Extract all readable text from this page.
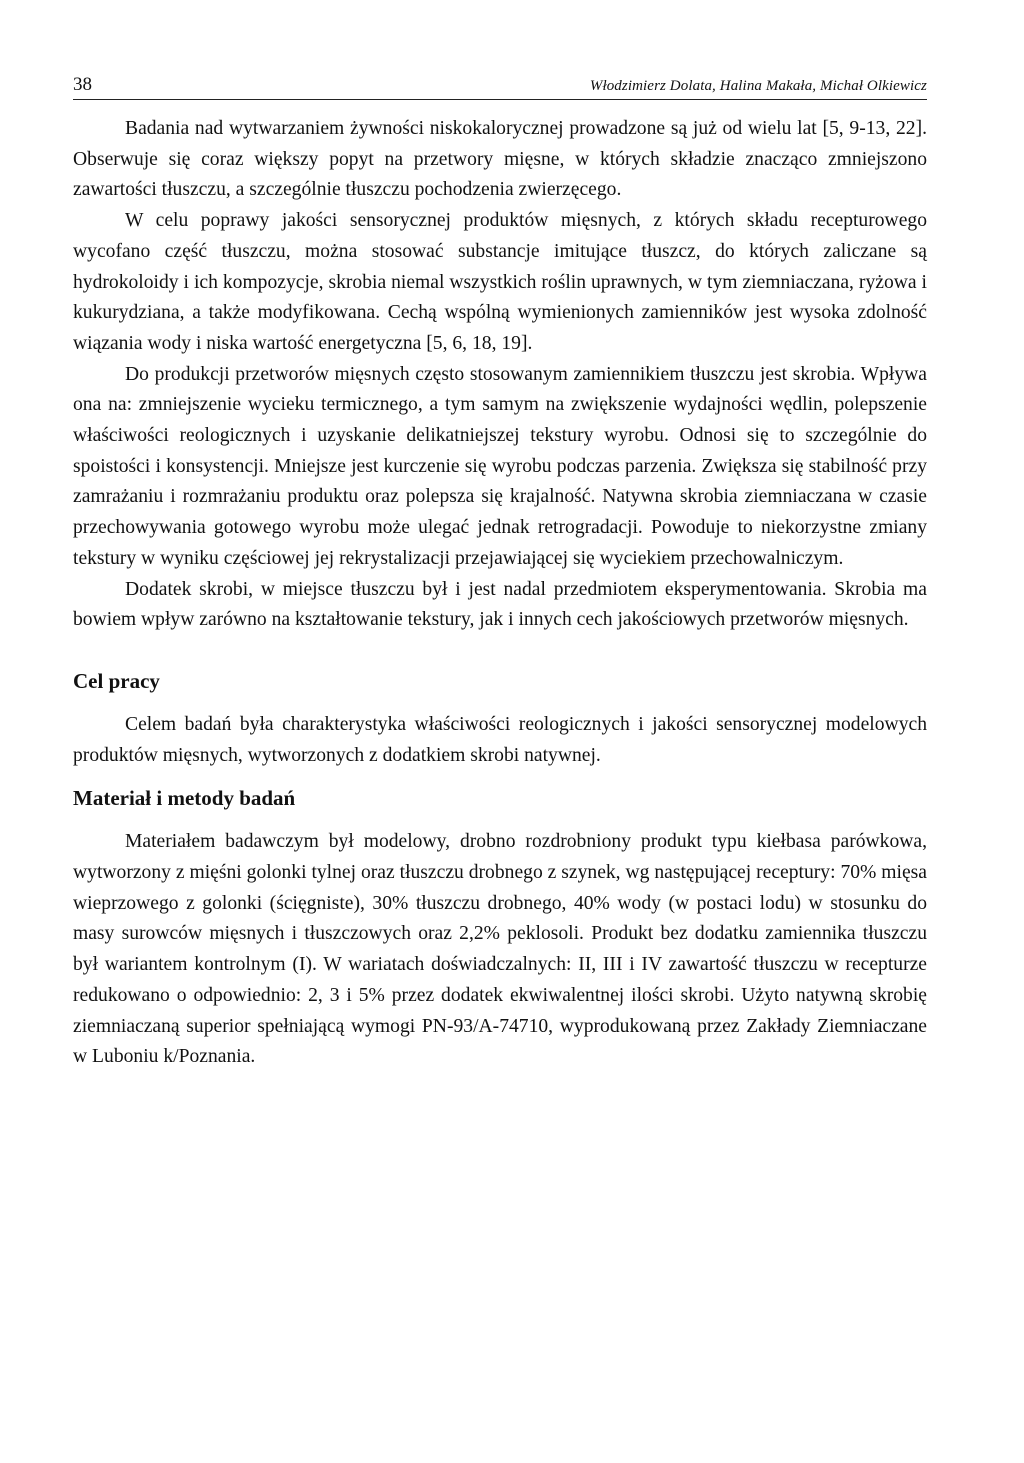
38	Włodzimierz Dolata, Halina Makała, Michał Olkiewicz

Badania nad wytwarzaniem żywności niskokalorycznej prowadzone są już od wielu lat [5, 9-13, 22]. Obserwuje się coraz większy popyt na przetwory mięsne, w których składzie znacząco zmniejszono zawartości tłuszczu, a szczególnie tłuszczu pochodzenia zwierzęcego.

W celu poprawy jakości sensorycznej produktów mięsnych, z których składu recepturowego wycofano część tłuszczu, można stosować substancje imitujące tłuszcz, do których zaliczane są hydrokoloidy i ich kompozycje, skrobia niemal wszystkich roślin uprawnych, w tym ziemniaczana, ryżowa i kukurydziana, a także modyfikowana. Cechą wspólną wymienionych zamienników jest wysoka zdolność wiązania wody i niska wartość energetyczna [5, 6, 18, 19].

Do produkcji przetworów mięsnych często stosowanym zamiennikiem tłuszczu jest skrobia. Wpływa ona na: zmniejszenie wycieku termicznego, a tym samym na zwiększenie wydajności wędlin, polepszenie właściwości reologicznych i uzyskanie delikatniejszej tekstury wyrobu. Odnosi się to szczególnie do spoistości i konsystencji. Mniejsze jest kurczenie się wyrobu podczas parzenia. Zwiększa się stabilność przy zamrażaniu i rozmrażaniu produktu oraz polepsza się krajalność. Natywna skrobia ziemniaczana w czasie przechowywania gotowego wyrobu może ulegać jednak retrogradacji. Powoduje to niekorzystne zmiany tekstury w wyniku częściowej jej rekrystalizacji przejawiającej się wyciekiem przechowalniczym.

Dodatek skrobi, w miejsce tłuszczu był i jest nadal przedmiotem eksperymentowania. Skrobia ma bowiem wpływ zarówno na kształtowanie tekstury, jak i innych cech jakościowych przetworów mięsnych.

Cel pracy

Celem badań była charakterystyka właściwości reologicznych i jakości sensorycznej modelowych produktów mięsnych, wytworzonych z dodatkiem skrobi natywnej.

Materiał i metody badań

Materiałem badawczym był modelowy, drobno rozdrobniony produkt typu kiełbasa parówkowa, wytworzony z mięśni golonki tylnej oraz tłuszczu drobnego z szynek, wg następującej receptury: 70% mięsa wieprzowego z golonki (ścięgniste), 30% tłuszczu drobnego, 40% wody (w postaci lodu) w stosunku do masy surowców mięsnych i tłuszczowych oraz 2,2% peklosoli. Produkt bez dodatku zamiennika tłuszczu był wariantem kontrolnym (I). W wariatach doświadczalnych: II, III i IV zawartość tłuszczu w recepturze redukowano o odpowiednio: 2, 3 i 5% przez dodatek ekwiwalentnej ilości skrobi. Użyto natywną skrobię ziemniaczaną superior spełniającą wymogi PN-93/A-74710, wyprodukowaną przez Zakłady Ziemniaczane w Luboniu k/Poznania.
